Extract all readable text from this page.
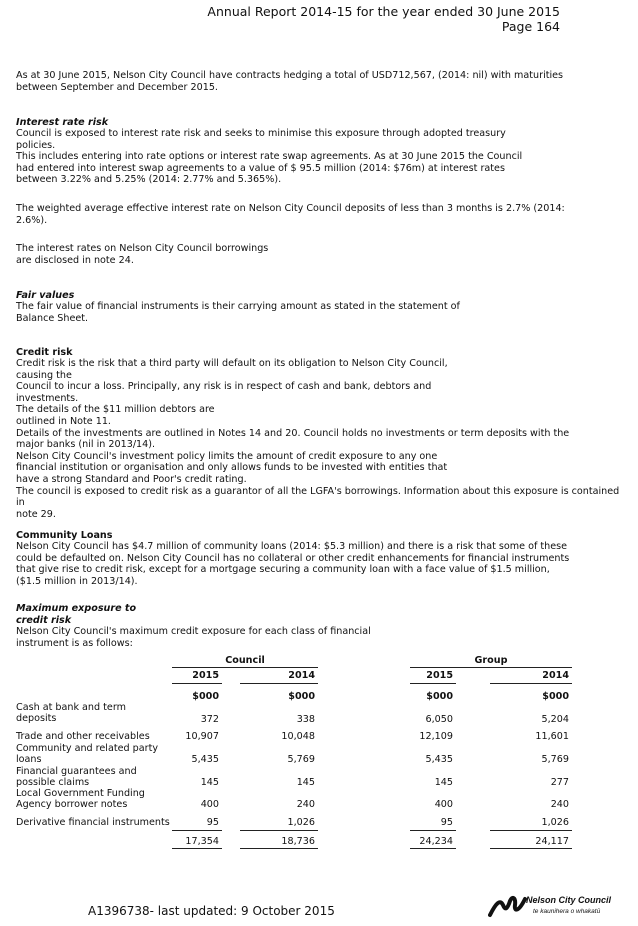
Annual Report 2014-15 for the year ended 30 June 2015
Page 164
As at 30 June 2015, Nelson City Council have contracts hedging a total of USD712,567, (2014: nil) with maturities
between September and December 2015.
Interest rate risk
Council is exposed to interest rate risk and seeks to minimise this exposure through adopted treasury
policies.
This includes entering into rate options or interest rate swap agreements. As at 30 June 2015 the Council
had entered into interest swap agreements to a value of $ 95.5 million (2014: $76m) at interest rates
between 3.22% and 5.25% (2014: 2.77% and 5.365%).
The weighted average effective interest rate on Nelson City Council deposits of less than 3 months is 2.7% (2014:
2.6%).
The interest rates on Nelson City Council borrowings
are disclosed in note 24.
Fair values
The fair value of financial instruments is their carrying amount as stated in the statement of
Balance Sheet.
Credit risk
Credit risk is the risk that a third party will default on its obligation to Nelson City Council,
causing the
Council to incur a loss. Principally, any risk is in respect of cash and bank, debtors and
investments.
The details of the $11 million debtors are
outlined in Note 11.
Details of the investments are outlined in Notes 14 and 20. Council holds no investments or term deposits with the
major banks (nil in 2013/14).
Nelson City Council's investment policy limits the amount of credit exposure to any one
financial institution or organisation and only allows funds to be invested with entities that
have a strong Standard and Poor's credit rating.
The council is exposed to credit risk as a guarantor of all the LGFA's borrowings. Information about this exposure is contained in
note 29.
Community Loans
Nelson City Council has $4.7 million of community loans (2014: $5.3 million) and there is a risk that some of these
could be defaulted on. Nelson City Council has no collateral or other credit enhancements for financial instruments
that give rise to credit risk, except for a mortgage securing a community loan with a face value of $1.5 million,
($1.5 million in 2013/14).
Maximum exposure to
credit risk
Nelson City Council's maximum credit exposure for each class of financial
instrument is as follows:
Council	Group
2015	2014	2015	2014
$000	$000	$000	$000
Cash at bank and term
deposits	372	338	6,050	5,204
Trade and other receivables	10,907	10,048	12,109	11,601
Community and related party
loans	5,435	5,769	5,435	5,769
Financial guarantees and
possible claims	145	145	145	277
Local Government Funding
Agency borrower notes	400	240	400	240
Derivative financial instruments	95	1,026	95	1,026
17,354	18,736	24,234	24,117
A1396738- last updated: 9 October 2015
Nelson City Council
te kaunihera o whakatū
